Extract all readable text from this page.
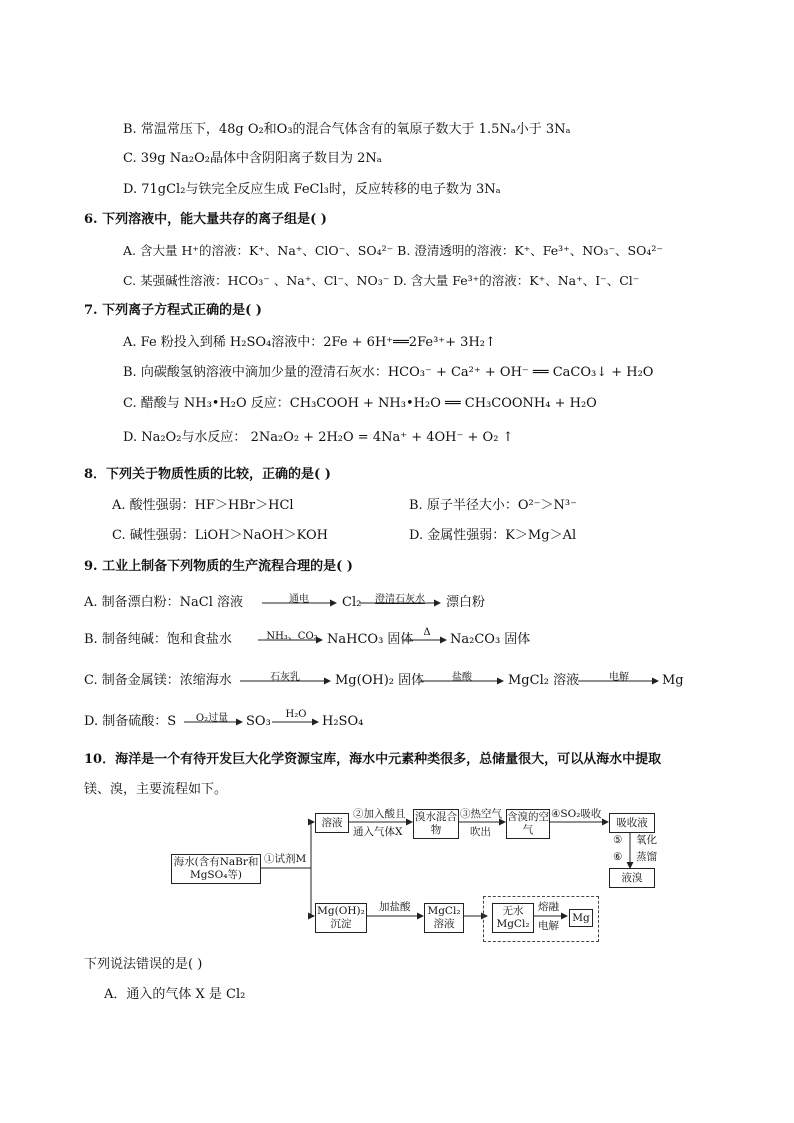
B. 常温常压下，48g O₂和O₃的混合气体含有的氧原子数大于 1.5Nₐ小于 3Nₐ
C. 39g Na₂O₂晶体中含阴阳离子数目为 2Nₐ
D. 71gCl₂与铁完全反应生成 FeCl₃时，反应转移的电子数为 3Nₐ
6. 下列溶液中，能大量共存的离子组是( )
A. 含大量 H⁺的溶液：K⁺、Na⁺、ClO⁻、SO₄²⁻ B. 澄清透明的溶液：K⁺、Fe³⁺、NO₃⁻、SO₄²⁻
C. 某强碱性溶液：HCO₃⁻ 、Na⁺、Cl⁻、NO₃⁻ D. 含大量 Fe³⁺的溶液：K⁺、Na⁺、I⁻、Cl⁻
7. 下列离子方程式正确的是( )
A. Fe 粉投入到稀 H₂SO₄溶液中：2Fe + 6H⁺══2Fe³⁺+ 3H₂↑
B. 向碳酸氢钠溶液中滴加少量的澄清石灰水：HCO₃⁻ + Ca²⁺ + OH⁻ ══ CaCO₃↓ + H₂O
C. 醋酸与 NH₃•H₂O 反应：CH₃COOH + NH₃•H₂O ══ CH₃COONH₄ + H₂O
D. Na₂O₂与水反应： 2Na₂O₂ + 2H₂O = 4Na⁺ + 4OH⁻ + O₂ ↑
8．下列关于物质性质的比较，正确的是( )
A. 酸性强弱：HF＞HBr＞HCl	B. 原子半径大小：O²⁻＞N³⁻
C. 碱性强弱：LiOH＞NaOH＞KOH	D. 金属性强弱：K＞Mg＞Al
9. 工业上制备下列物质的生产流程合理的是( )
A. 制备漂白粉：NaCl 溶液	通电	Cl₂	澄清石灰水	漂白粉
B. 制备纯碱：饱和食盐水	NH₃、CO₂ NaHCO₃ 固体 Δ	Na₂CO₃ 固体
C. 制备金属镁：浓缩海水	石灰乳	Mg(OH)₂ 固体	盐酸	MgCl₂ 溶液	电解	Mg
D. 制备硫酸：S	O₂过量	SO₃	H₂O	H₂SO₄
10．海洋是一个有待开发巨大化学资源宝库，海水中元素种类很多，总储量很大，可以从海水中提取
镁、溴，主要流程如下。
海水(含有NaBr和MgSO₄等)
①试剂M
溶液
②加入酸且
通入气体X
溴水混合物
③热空气
吹出
含溴的空气
④SO₂吸收
吸收液
⑤ 氧化
⑥ 蒸馏
液溴
Mg(OH)₂沉淀
加盐酸	MgCl₂溶液
无水MgCl₂
熔融
电解
Mg
下列说法错误的是( )
A．通入的气体 X 是 Cl₂
